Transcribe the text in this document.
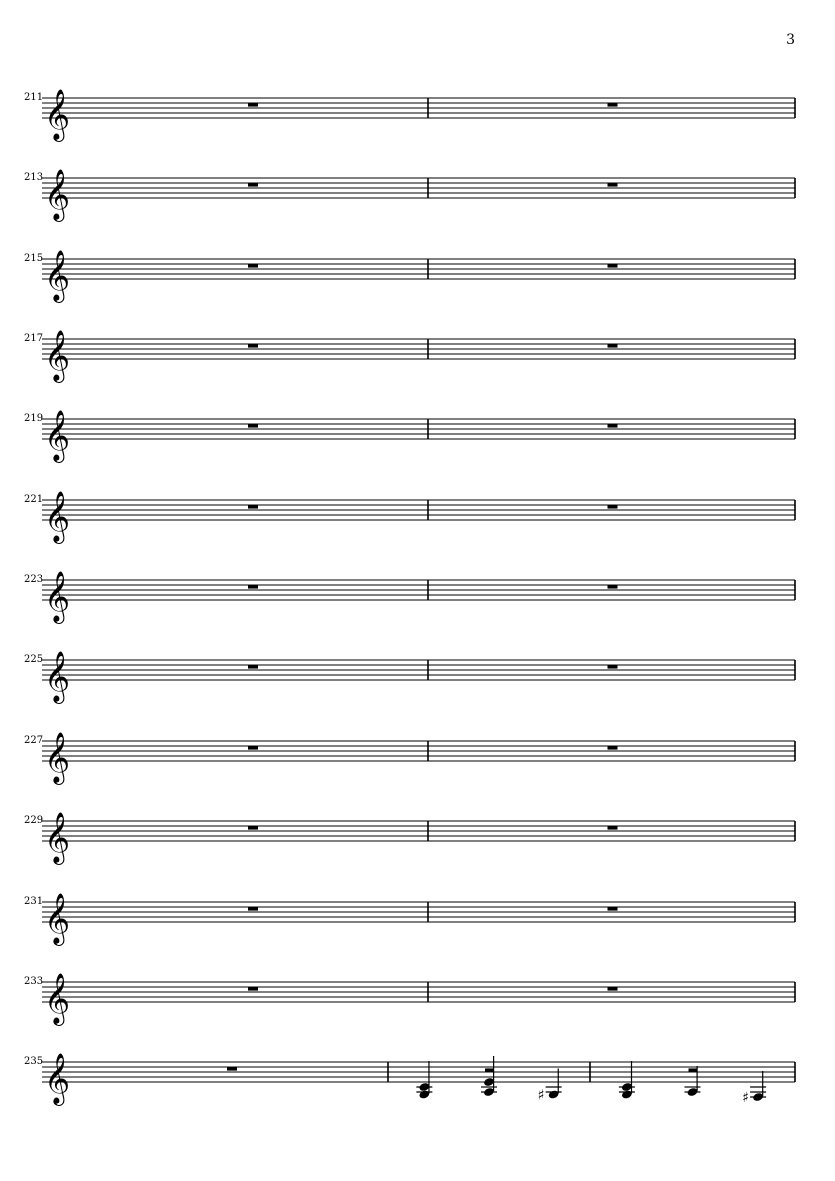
3
211 𝄞
213 𝄞
215 𝄞
217 𝄞
219 𝄞
221 𝄞
223 𝄞
225 𝄞
227 𝄞
229 𝄞
231 𝄞
233 𝄞
235 𝄞	♯	♯
